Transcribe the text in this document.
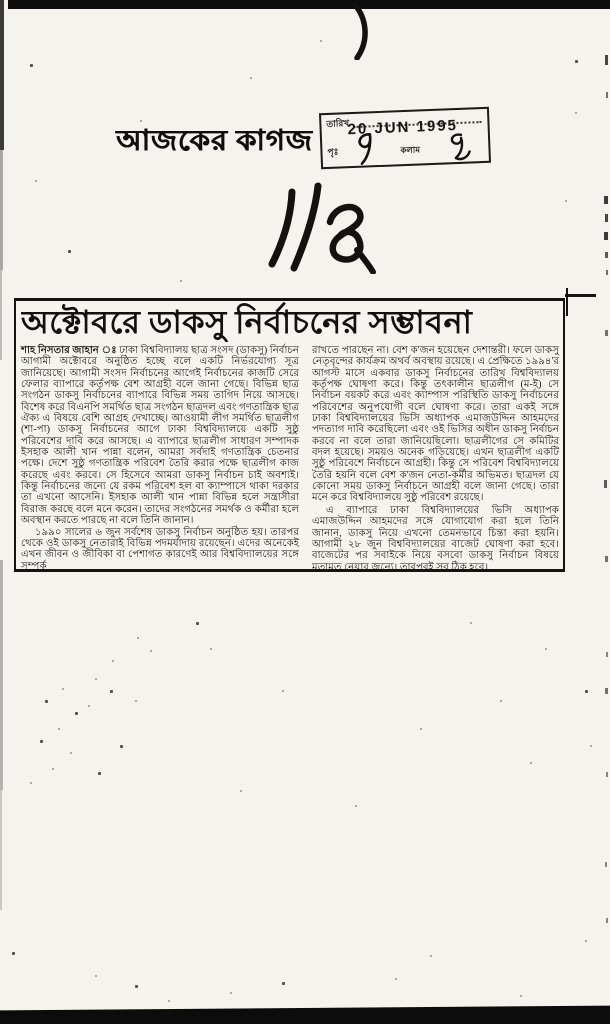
আজকের কাগজ
তারিখ
20 JUN 1995
পৃঃ	কলাম
অক্টোবরে ডাকসু নির্বাচনের সম্ভাবনা

শাহ নিসতার জাহান ঃ ঢাকা বিশ্ববিদ্যালয় ছাত্র সংসদ (ডাকসু) নির্বাচন আগামী অক্টোবরে অনুষ্ঠিত হচ্ছে বলে একটি নির্ভরযোগ্য সূত্র জানিয়েছে। আগামী সংসদ নির্বাচনের আগেই নির্বাচনের কাজটি সেরে ফেলার ব্যাপারে কর্তৃপক্ষ বেশ আগ্রহী বলে জানা গেছে। বিভিন্ন ছাত্র সংগঠন ডাকসু নির্বাচনের ব্যাপারে বিভিন্ন সময় তাগিদ নিয়ে আসছে। বিশেষ করে বিএনপি সমর্থিত ছাত্র সংগঠন ছাত্রদল এবং গণতান্ত্রিক ছাত্র ঐক্য এ বিষয়ে বেশি আগ্রহ দেখাচ্ছে। আওয়ামী লীগ সমর্থিত ছাত্রলীগ (শা-পা) ডাকসু নির্বাচনের আগে ঢাকা বিশ্ববিদ্যালয়ে একটি সুষ্ঠু পরিবেশের দাবি করে আসছে। এ ব্যাপারে ছাত্রলীগ সাধারণ সম্পাদক ইসহাক আলী খান পান্না বলেন, আমরা সর্বদাই গণতান্ত্রিক চেতনার পক্ষে। দেশে সুষ্ঠু গণতান্ত্রিক পরিবেশ তৈরি করার পক্ষে ছাত্রলীগ কাজ করেছে এবং করবে। সে হিসেবে আমরা ডাকসু নির্বাচন চাই অবশ্যই। কিন্তু নির্বাচনের জন্যে যে রকম পরিবেশ হল বা ক্যাম্পাসে থাকা দরকার তা এখনো আসেনি। ইসহাক আলী খান পান্না বিভিন্ন হলে সন্ত্রাসীরা বিরাজ করছে বলে মনে করেন। তাদের সংগঠনের সমর্থক ও কর্মীরা হলে অবস্থান করতে পারছে না বলে তিনি জানান।

১৯৯০ সালের ৬ জুন সর্বশেষ ডাকসু নির্বাচন অনুষ্ঠিত হয়। তারপর থেকে ওই ডাকসু নেতারাই বিভিন্ন পদমর্যাদায় রয়েছেন। এদের অনেকেই এখন জীবন ও জীবিকা বা পেশাগত কারণেই আর বিশ্ববিদ্যালয়ের সঙ্গে সম্পর্ক

রাখতে পারছেন না। বেশ ক'জন হয়েছেন দেশান্তরী। ফলে ডাকসু নেতৃবৃন্দের কার্যক্রম অথর্ব অবস্থায় রয়েছে। এ প্রেক্ষিতে ১৯৯৪'র আগস্ট মাসে একবার ডাকসু নির্বাচনের তারিখ বিশ্ববিদ্যালয় কর্তৃপক্ষ ঘোষণা করে। কিন্তু তৎকালীন ছাত্রলীগ (ম-ই) সে নির্বাচন বয়কট করে এবং ক্যাম্পাস পরিস্থিতি ডাকসু নির্বাচনের পরিবেশের অনুপযোগী বলে ঘোষণা করে। তারা একই সঙ্গে ঢাকা বিশ্ববিদ্যালয়ের ভিসি অধ্যাপক এমাজউদ্দিন আহমদের পদত্যাগ দাবি করেছিলো এবং ওই ভিসির অধীন ডাকসু নির্বাচন করবে না বলে তারা জানিয়েছিলো। ছাত্রলীগের সে কমিটির বদল হয়েছে। সময়ও অনেক গড়িয়েছে। এখন ছাত্রলীগ একটি সুষ্ঠু পরিবেশে নির্বাচনে আগ্রহী। কিন্তু সে পরিবেশ বিশ্ববিদ্যালয়ে তৈরি হয়নি বলে বেশ ক'জন নেতা-কর্মীর অভিমত। ছাত্রদল যে কোনো সময় ডাকসু নির্বাচনে আগ্রহী বলে জানা গেছে। তারা মনে করে বিশ্ববিদ্যালয়ে সুষ্ঠু পরিবেশ রয়েছে।

এ ব্যাপারে ঢাকা বিশ্ববিদ্যালয়ের ভিসি অধ্যাপক এমাজউদ্দিন আহমদের সঙ্গে যোগাযোগ করা হলে তিনি জানান, ডাকসু নিয়ে এখনো তেমনভাবে চিন্তা করা হয়নি। আগামী ২৮ জুন বিশ্ববিদ্যালয়ের বাজেট ঘোষণা করা হবে। বাজেটের পর সবাইকে নিয়ে বসবো ডাকসু নির্বাচন বিষয়ে মতামত নেয়ার জন্যে। তারপরই সব ঠিক হবে।
